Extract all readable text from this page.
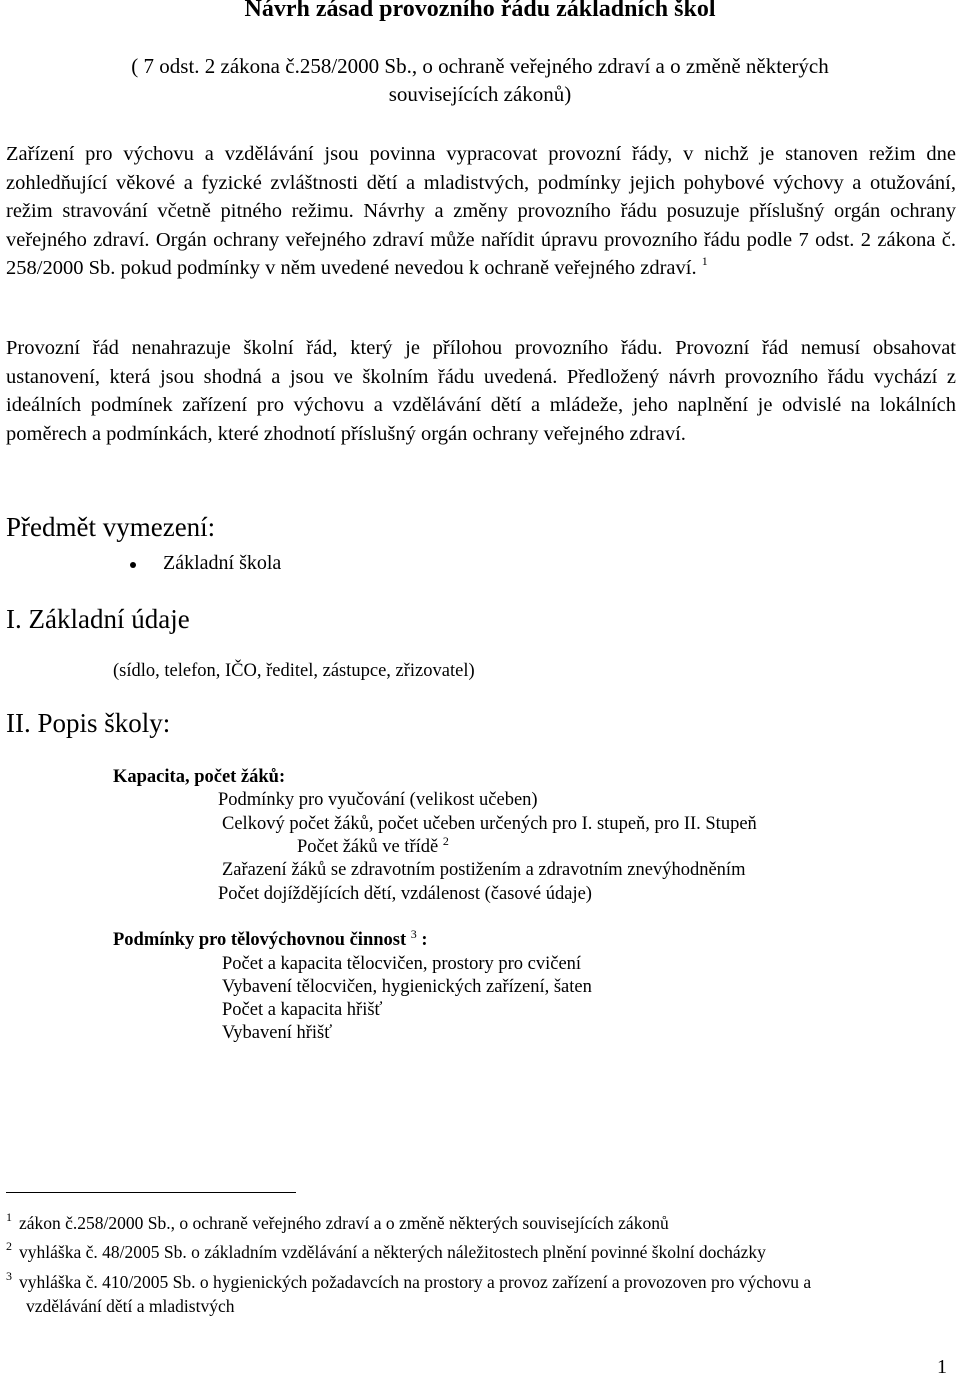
Návrh zásad provozního řádu základních škol
( 7 odst. 2 zákona č.258/2000 Sb., o ochraně veřejného zdraví a o změně některých
souvisejících zákonů)
Zařízení pro výchovu a vzdělávání jsou povinna vypracovat provozní řády, v nichž je stanoven režim dne zohledňující věkové a fyzické zvláštnosti dětí a mladistvých, podmínky jejich pohybové výchovy a otužování, režim stravování včetně pitného režimu. Návrhy a změny provozního řádu posuzuje příslušný orgán ochrany veřejného zdraví. Orgán ochrany veřejného zdraví může nařídit úpravu provozního řádu podle 7 odst. 2 zákona č. 258/2000 Sb. pokud podmínky v něm uvedené nevedou k ochraně veřejného zdraví. $^1$
Provozní řád nenahrazuje školní řád, který je přílohou provozního řádu. Provozní řád nemusí obsahovat ustanovení, která jsou shodná a jsou ve školním řádu uvedená. Předložený návrh provozního řádu vychází z ideálních podmínek zařízení pro výchovu a vzdělávání dětí a mládeže, jeho naplnění je odvislé na lokálních poměrech a podmínkách, které zhodnotí příslušný orgán ochrany veřejného zdraví.
Předmět vymezení:
Základní škola
I. Základní údaje
(sídlo, telefon, IČO, ředitel, zástupce, zřizovatel)
II. Popis školy:
Kapacita, počet žáků:
Podmínky pro vyučování (velikost učeben)
Celkový počet žáků, počet učeben určených pro I. stupeň, pro II. Stupeň
Počet žáků ve třídě $^2$
Zařazení žáků se zdravotním postižením a zdravotním znevýhodněním
Počet dojíždějících dětí, vzdálenost (časové údaje)
Podmínky pro tělovýchovnou činnost $^3$ :
Počet a kapacita tělocvičen, prostory pro cvičení
Vybavení tělocvičen, hygienických zařízení, šaten
Počet a kapacita hřišť
Vybavení hřišť
$^1$ zákon č.258/2000 Sb., o ochraně veřejného zdraví a o změně některých souvisejících zákonů
$^2$ vyhláška č. 48/2005 Sb. o základním vzdělávání a některých náležitostech plnění povinné školní docházky
$^3$ vyhláška č. 410/2005 Sb. o hygienických požadavcích na prostory a provoz zařízení a provozoven pro výchovu a
vzdělávání dětí a mladistvých
1
